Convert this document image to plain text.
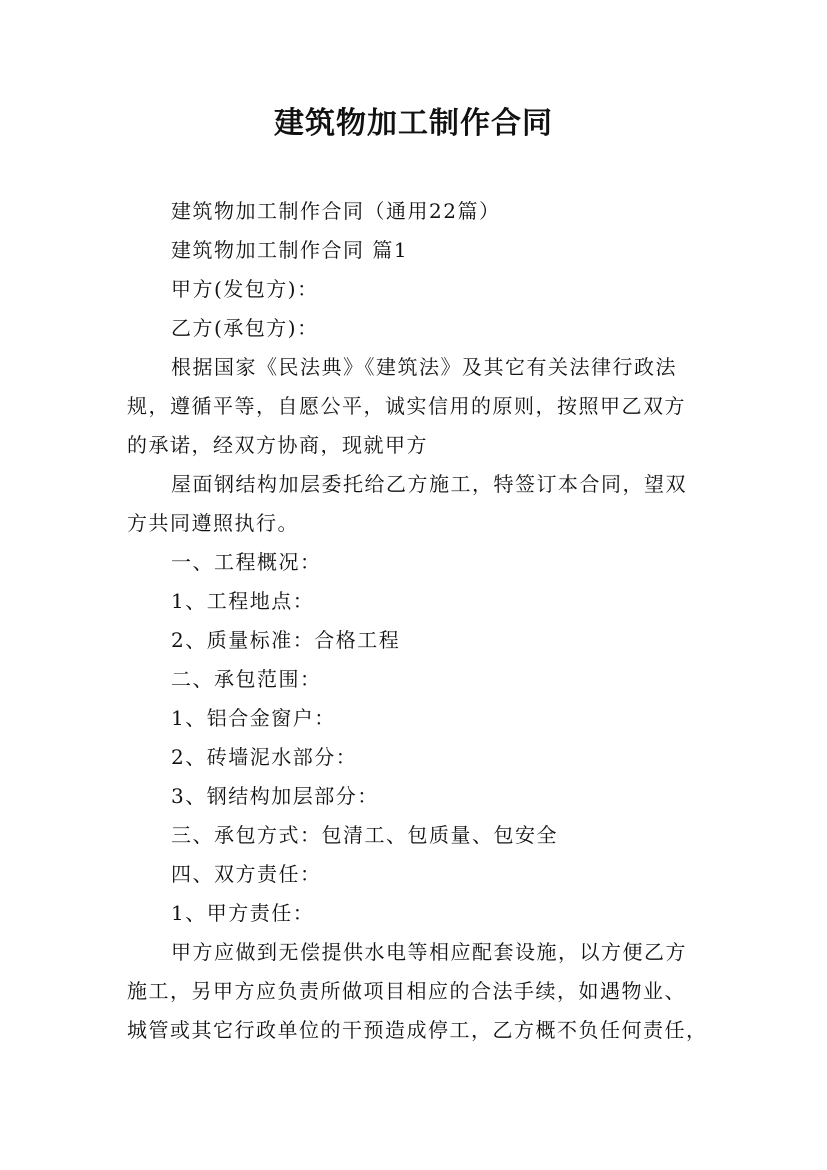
建筑物加工制作合同

建筑物加工制作合同（通用22篇）

建筑物加工制作合同 篇1

甲方(发包方)：

乙方(承包方)：

根据国家《民法典》《建筑法》及其它有关法律行政法

规，遵循平等，自愿公平，诚实信用的原则，按照甲乙双方

的承诺，经双方协商，现就甲方

屋面钢结构加层委托给乙方施工，特签订本合同，望双

方共同遵照执行。

一、工程概况：

1、工程地点：

2、质量标准：合格工程

二、承包范围：

1、铝合金窗户：

2、砖墙泥水部分：

3、钢结构加层部分：

三、承包方式：包清工、包质量、包安全

四、双方责任：

1、甲方责任：

甲方应做到无偿提供水电等相应配套设施，以方便乙方

施工，另甲方应负责所做项目相应的合法手续，如遇物业、

城管或其它行政单位的干预造成停工，乙方概不负任何责任，
